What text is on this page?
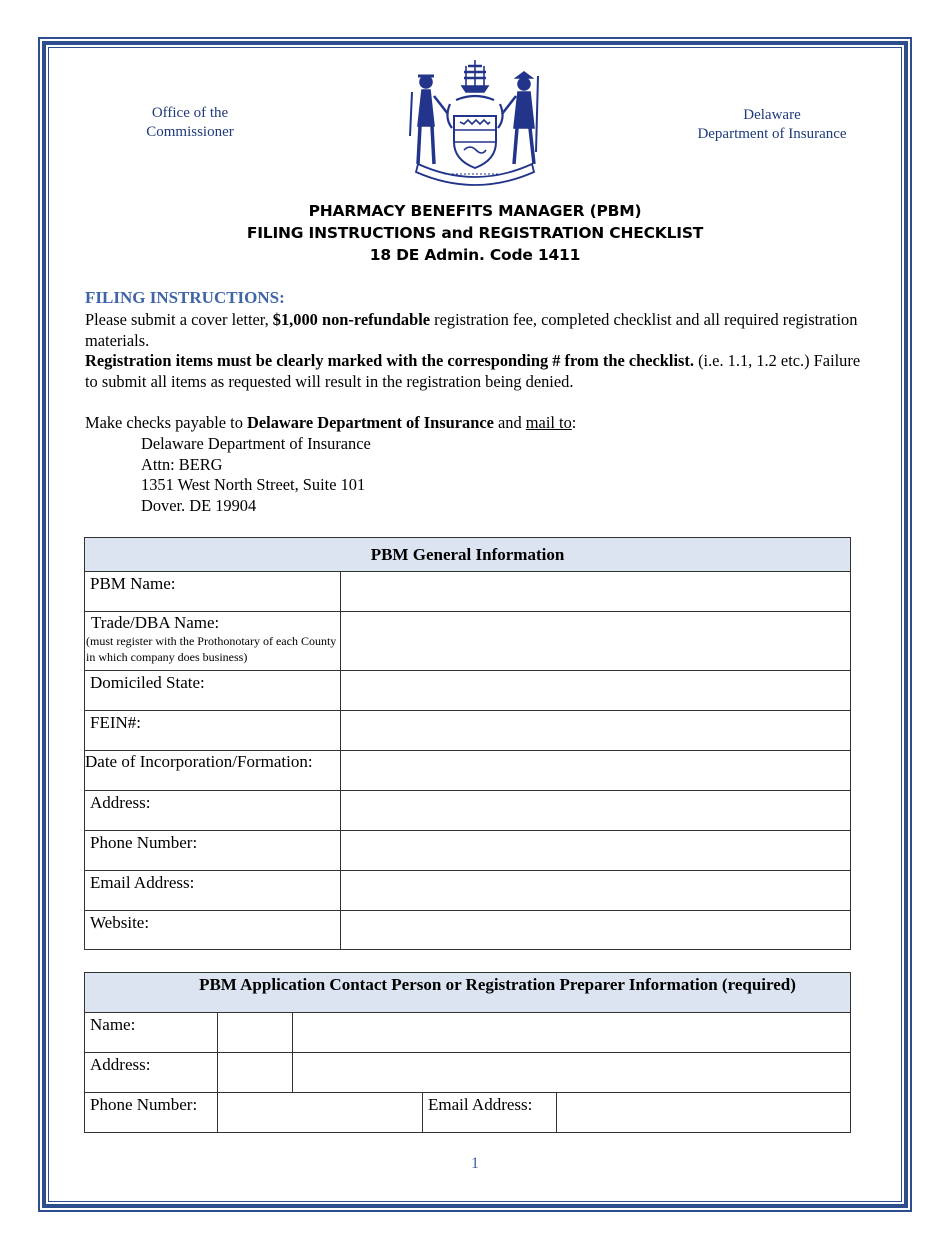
Office of the
Commissioner
Delaware
Department of Insurance
PHARMACY BENEFITS MANAGER (PBM)
FILING INSTRUCTIONS and REGISTRATION CHECKLIST
18 DE Admin. Code 1411
FILING INSTRUCTIONS:
Please submit a cover letter, $1,000 non-refundable registration fee, completed checklist and all required registration materials.
Registration items must be clearly marked with the corresponding # from the checklist. (i.e. 1.1, 1.2 etc.) Failure to submit all items as requested will result in the registration being denied.
Make checks payable to Delaware Department of Insurance and mail to:
Delaware Department of Insurance
Attn: BERG
1351 West North Street, Suite 101
Dover. DE 19904
PBM General Information	
PBM Name:	

Trade/DBA Name:
(must register with the Prothonotary of each County in which company does business)	

Domiciled State:	
FEIN#:	
Date of Incorporation/Formation:	
Address:	
Phone Number:	
Email Address:	
Website:	
PBM Application Contact Person or Registration Preparer Information (required)			
Name:			

Address:			

Phone Number:		Email Address:	
1
